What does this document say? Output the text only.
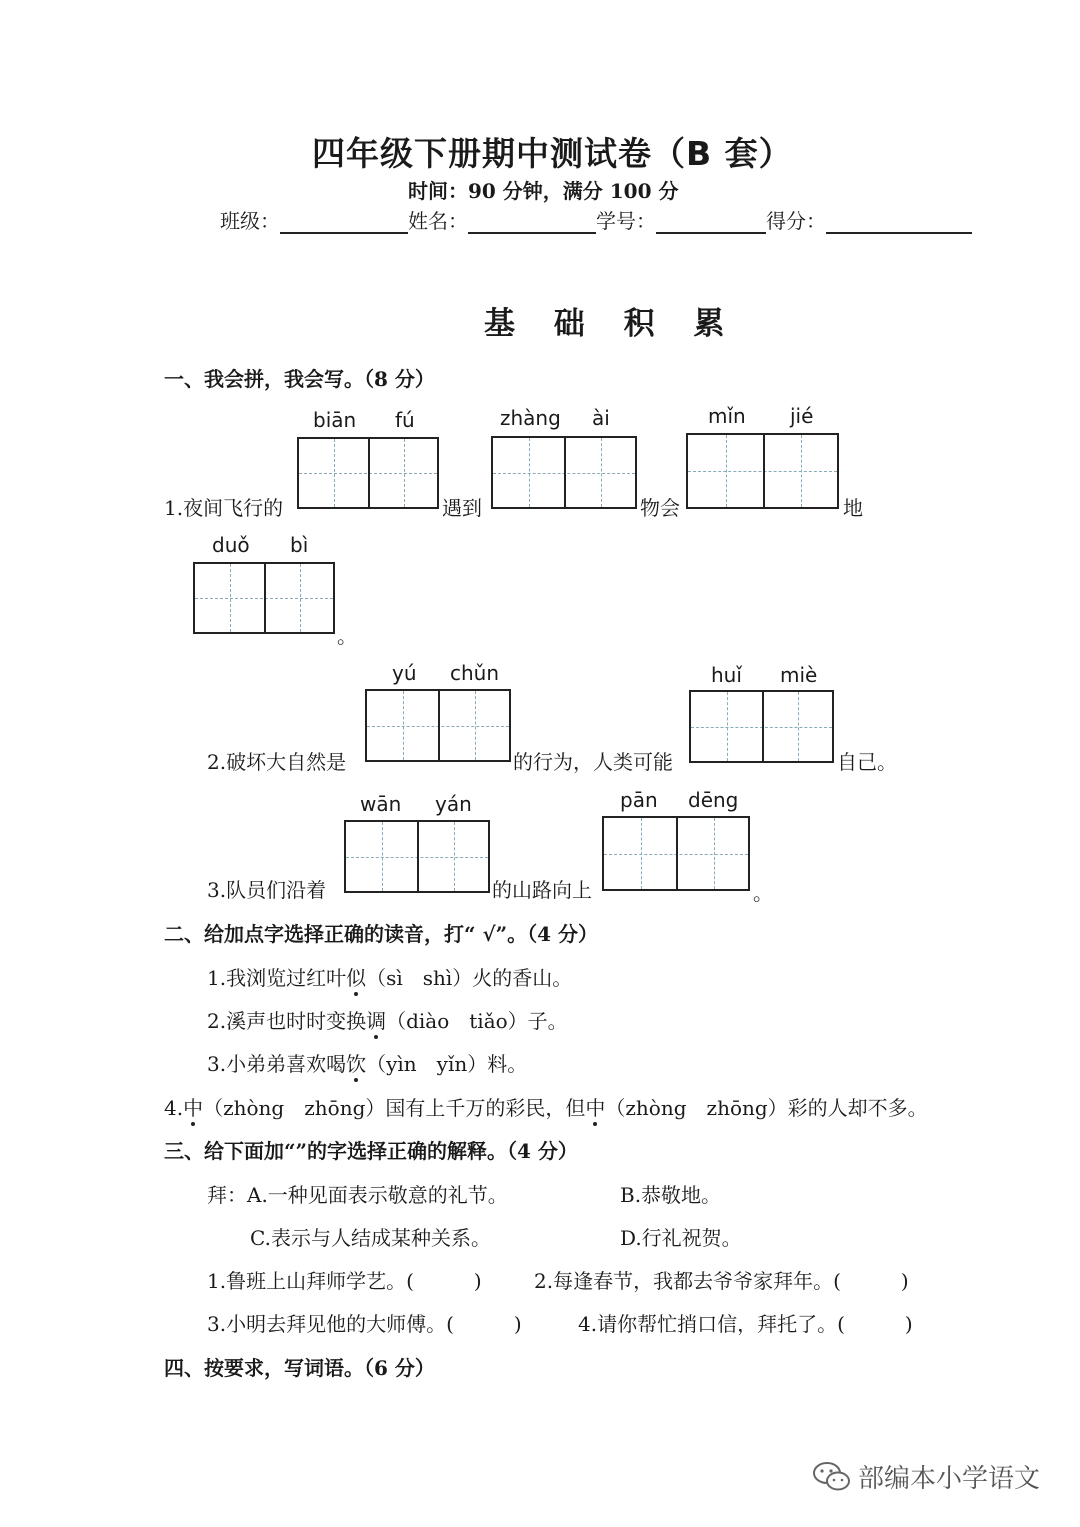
四年级下册期中测试卷（B 套）
时间：90 分钟，满分 100 分
班级：	姓名：	学号：	得分：
基 础 积 累
一、我会拼，我会写。（8 分）
1.夜间飞行的
biān fú
遇到
zhàng ài
物会
mǐn jié
地
duǒ bì
。
2.破坏大自然是
yú chǔn
的行为，人类可能
huǐ miè
自己。
3.队员们沿着
wān yán
的山路向上
pān dēng
。
二、给加点字选择正确的读音，打“ √”。（4 分）
1.我浏览过红叶似（sì　shì）火的香山。
2.溪声也时时变换调（diào　tiǎo）子。
3.小弟弟喜欢喝饮（yìn　yǐn）料。
4.中（zhòng　zhōng）国有上千万的彩民，但中（zhòng　zhōng）彩的人却不多。
三、给下面加“”的字选择正确的解释。（4 分）
拜：A.一种见面表示敬意的礼节。	B.恭敬地。
C.表示与人结成某种关系。	D.行礼祝贺。
1.鲁班上山拜师学艺。(　　　)	2.每逢春节，我都去爷爷家拜年。(　　　)
3.小明去拜见他的大师傅。(　　　)	4.请你帮忙捎口信，拜托了。(　　　)
四、按要求，写词语。（6 分）
部编本小学语文
